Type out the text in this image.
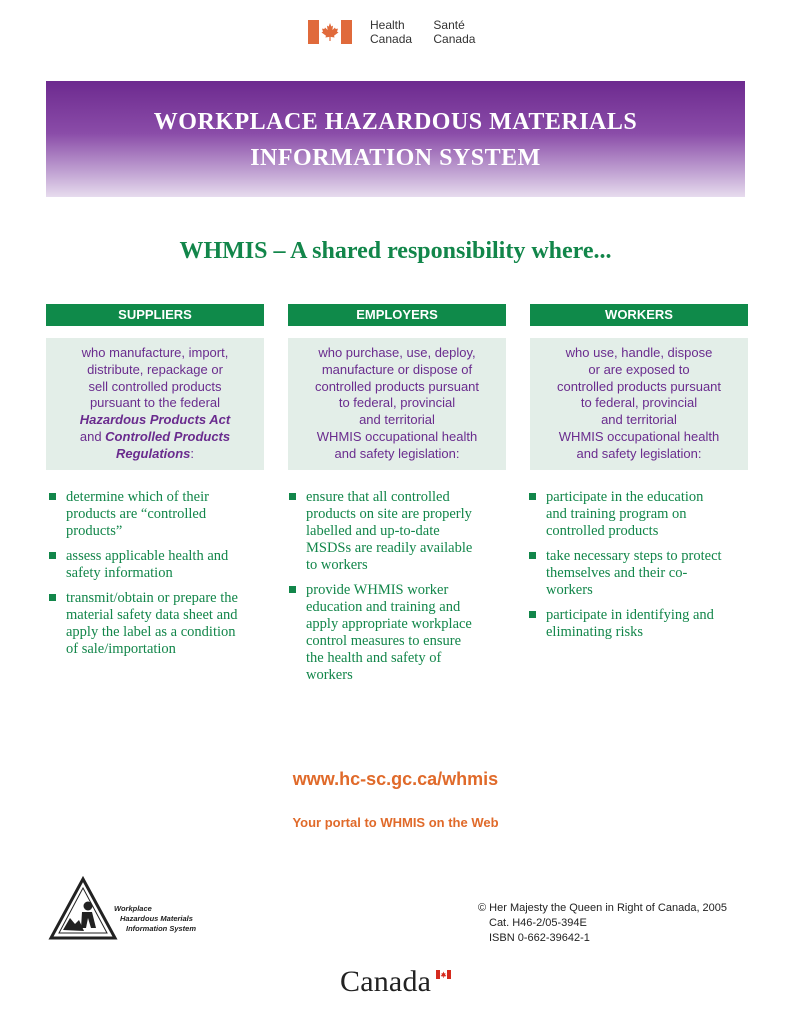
Health
Canada

Santé
Canada
WORKPLACE HAZARDOUS MATERIALS
INFORMATION SYSTEM
WHMIS – A shared responsibility where...
SUPPLIERS	EMPLOYERS	WORKERS
who manufacture, import,
distribute, repackage or
sell controlled products
pursuant to the federal
Hazardous Products Act
and Controlled Products
Regulations:
who purchase, use, deploy,
manufacture or dispose of
controlled products pursuant
to federal, provincial
and territorial
WHMIS occupational health
and safety legislation:
who use, handle, dispose
or are exposed to
controlled products pursuant
to federal, provincial
and territorial
WHMIS occupational health
and safety legislation:
determine which of their
products are “controlled
products”
assess applicable health and
safety information
transmit/obtain or prepare the
material safety data sheet and
apply the label as a condition
of sale/importation
ensure that all controlled
products on site are properly
labelled and up-to-date
MSDSs are readily available
to workers
provide WHMIS worker
education and training and
apply appropriate workplace
control measures to ensure
the health and safety of
workers
participate in the education
and training program on
controlled products
take necessary steps to protect
themselves and their co-
workers
participate in identifying and
eliminating risks
www.hc-sc.gc.ca/whmis
Your portal to WHMIS on the Web
Workplace
Hazardous Materials
Information System
© Her Majesty the Queen in Right of Canada, 2005
Cat. H46-2/05-394E
ISBN 0-662-39642-1
Canada
